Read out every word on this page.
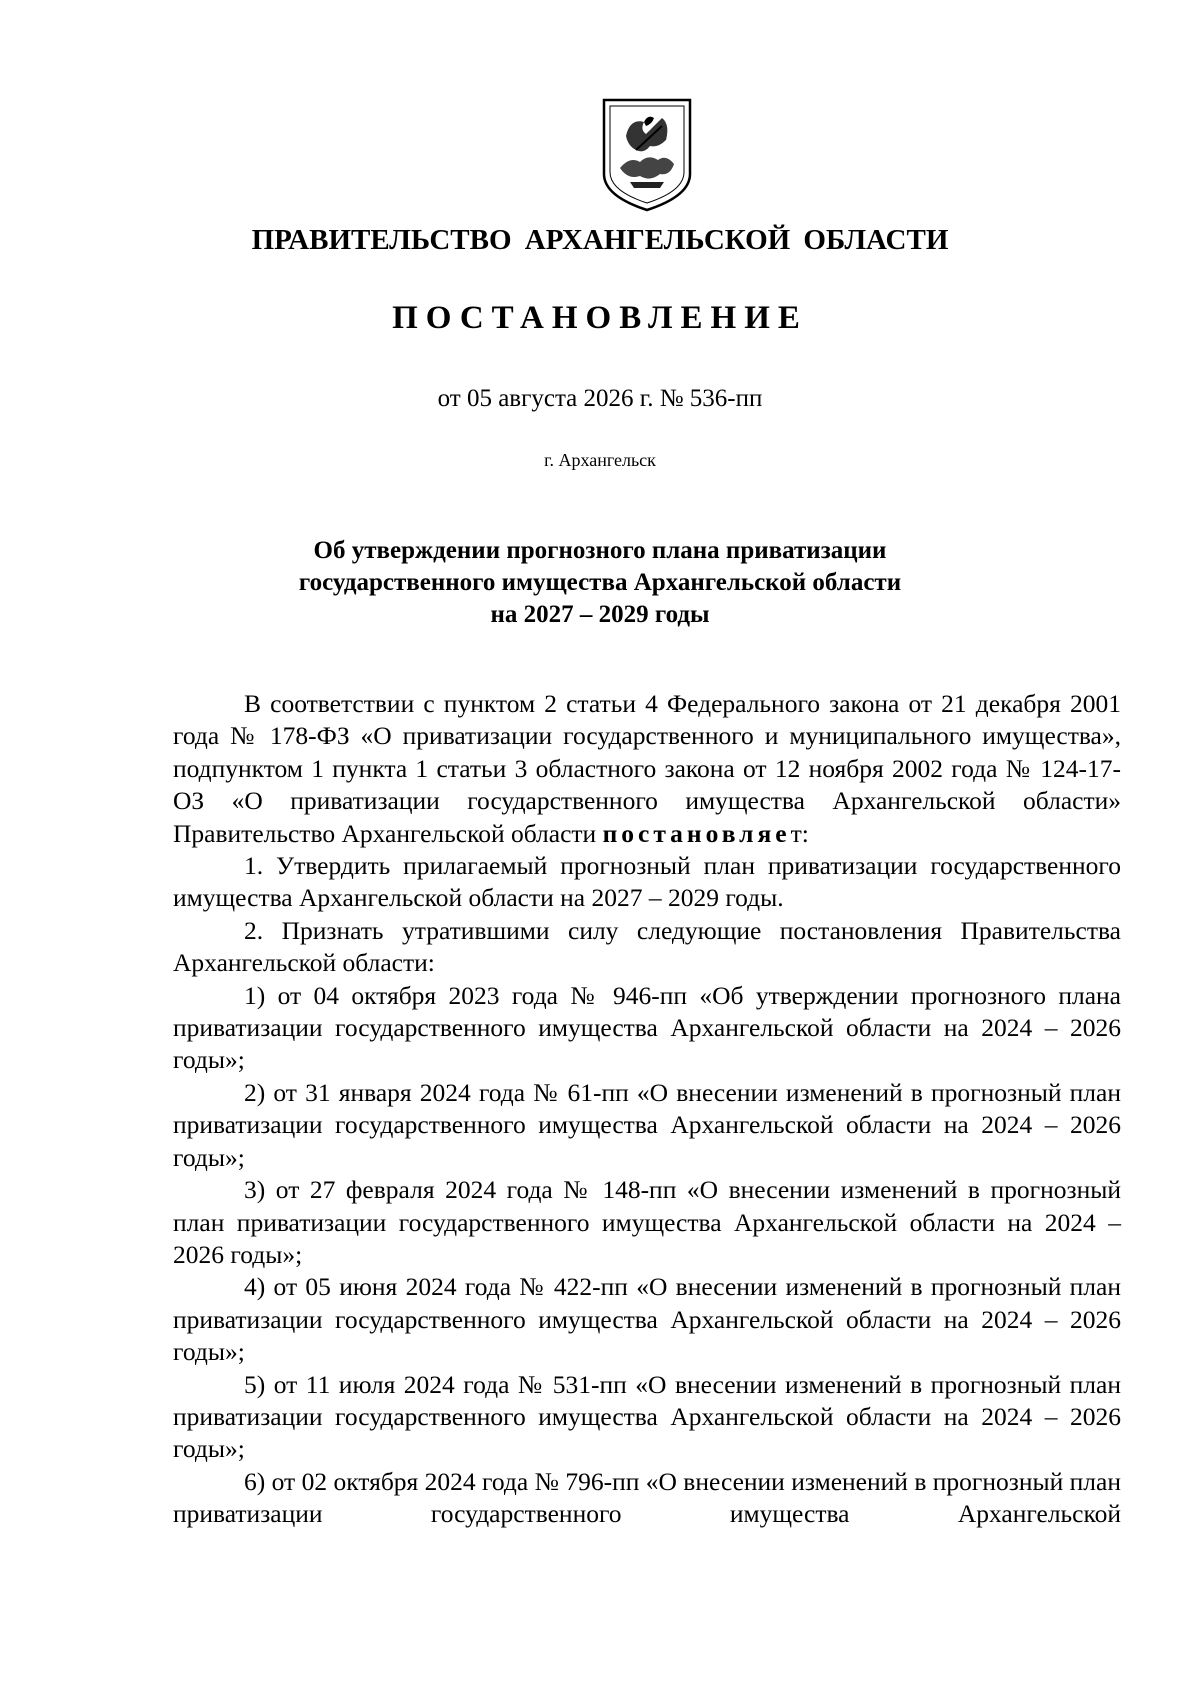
ПРАВИТЕЛЬСТВО АРХАНГЕЛЬСКОЙ ОБЛАСТИ
ПОСТАНОВЛЕНИЕ
от 05 августа 2026 г. № 536-пп
г. Архангельск
Об утверждении прогнозного плана приватизации
государственного имущества Архангельской области
на 2027 – 2029 годы

В соответствии с пунктом 2 статьи 4 Федерального закона от 21 декабря 2001 года № 178-ФЗ «О приватизации государственного и муниципального имущества», подпунктом 1 пункта 1 статьи 3 областного закона от 12 ноября 2002 года № 124-17-ОЗ «О приватизации государственного имущества Архангельской области» Правительство Архангельской области постановляет:

1. Утвердить прилагаемый прогнозный план приватизации государственного имущества Архангельской области на 2027 – 2029 годы.

2. Признать утратившими силу следующие постановления Правительства Архангельской области:

1) от 04 октября 2023 года № 946-пп «Об утверждении прогнозного плана приватизации государственного имущества Архангельской области на 2024 – 2026 годы»;

2) от 31 января 2024 года № 61-пп «О внесении изменений в прогнозный план приватизации государственного имущества Архангельской области на 2024 – 2026 годы»;

3) от 27 февраля 2024 года № 148-пп «О внесении изменений в прогнозный план приватизации государственного имущества Архангельской области на 2024 – 2026 годы»;

4) от 05 июня 2024 года № 422-пп «О внесении изменений в прогнозный план приватизации государственного имущества Архангельской области на 2024 – 2026 годы»;

5) от 11 июля 2024 года № 531-пп «О внесении изменений в прогнозный план приватизации государственного имущества Архангельской области на 2024 – 2026 годы»;

6) от 02 октября 2024 года № 796-пп «О внесении изменений в прогнозный план приватизации государственного имущества Архангельской
